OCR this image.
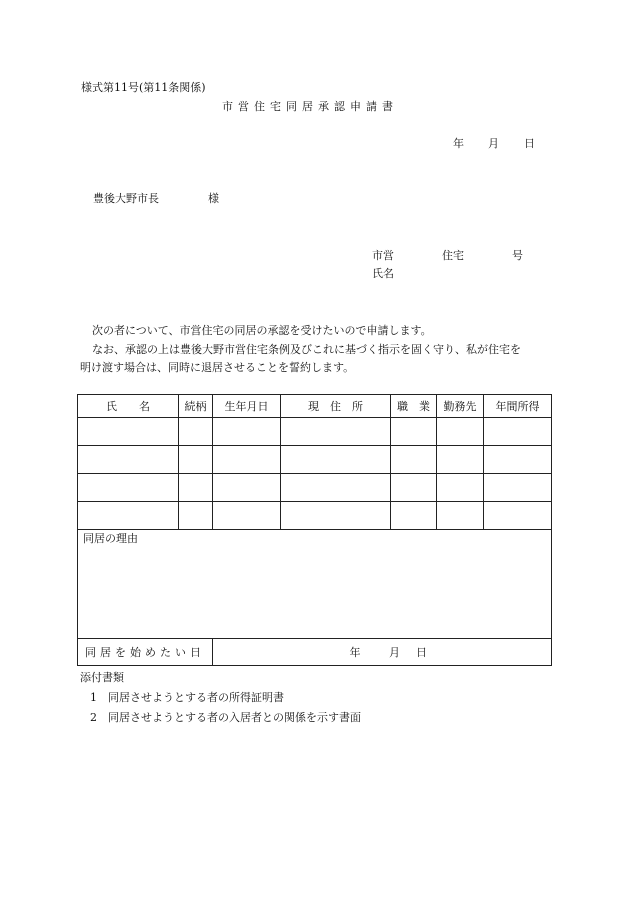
様式第11号(第11条関係)
市営住宅同居承認申請書
年 月 日
豊後大野市長	様
市営	住宅	号
氏名
次の者について、市営住宅の同居の承認を受けたいので申請します。
なお、承認の上は豊後大野市営住宅条例及びこれに基づく指示を固く守り、私が住宅を
明け渡す場合は、同時に退居させることを誓約します。
氏　　名	続柄	生年月日	現　住　所	職　業	勤務先	年間所得

同居の理由						

同居を始めたい日		年 月 日				
添付書類
1 同居させようとする者の所得証明書
2 同居させようとする者の入居者との関係を示す書面
